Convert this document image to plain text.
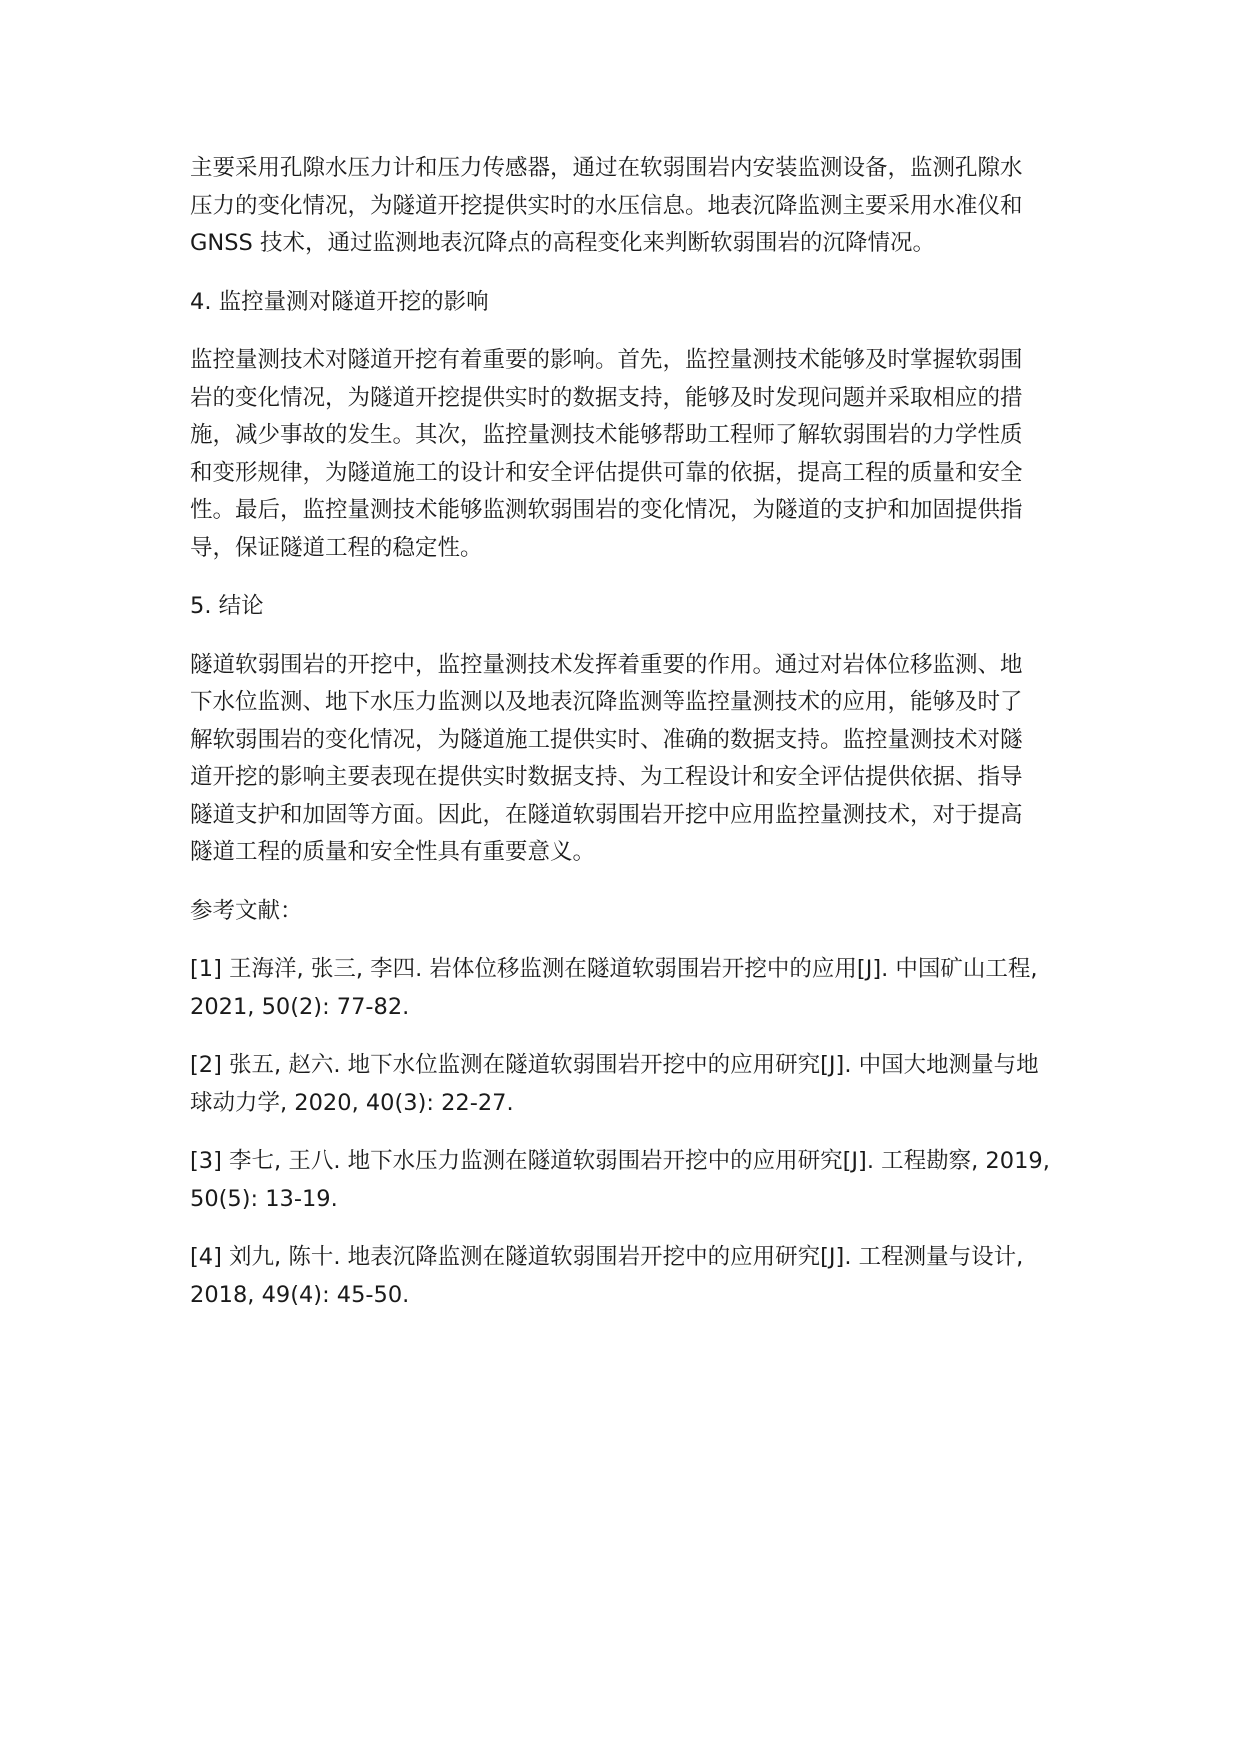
主要采用孔隙水压力计和压力传感器，通过在软弱围岩内安装监测设备，监测孔隙水
压力的变化情况，为隧道开挖提供实时的水压信息。地表沉降监测主要采用水准仪和
GNSS 技术，通过监测地表沉降点的高程变化来判断软弱围岩的沉降情况。
4. 监控量测对隧道开挖的影响
监控量测技术对隧道开挖有着重要的影响。首先，监控量测技术能够及时掌握软弱围
岩的变化情况，为隧道开挖提供实时的数据支持，能够及时发现问题并采取相应的措
施，减少事故的发生。其次，监控量测技术能够帮助工程师了解软弱围岩的力学性质
和变形规律，为隧道施工的设计和安全评估提供可靠的依据，提高工程的质量和安全
性。最后，监控量测技术能够监测软弱围岩的变化情况，为隧道的支护和加固提供指
导，保证隧道工程的稳定性。
5. 结论
隧道软弱围岩的开挖中，监控量测技术发挥着重要的作用。通过对岩体位移监测、地
下水位监测、地下水压力监测以及地表沉降监测等监控量测技术的应用，能够及时了
解软弱围岩的变化情况，为隧道施工提供实时、准确的数据支持。监控量测技术对隧
道开挖的影响主要表现在提供实时数据支持、为工程设计和安全评估提供依据、指导
隧道支护和加固等方面。因此，在隧道软弱围岩开挖中应用监控量测技术，对于提高
隧道工程的质量和安全性具有重要意义。
参考文献：
[1] 王海洋, 张三, 李四. 岩体位移监测在隧道软弱围岩开挖中的应用[J]. 中国矿山工程,
2021, 50(2): 77-82.
[2] 张五, 赵六. 地下水位监测在隧道软弱围岩开挖中的应用研究[J]. 中国大地测量与地
球动力学, 2020, 40(3): 22-27.
[3] 李七, 王八. 地下水压力监测在隧道软弱围岩开挖中的应用研究[J]. 工程勘察, 2019,
50(5): 13-19.
[4] 刘九, 陈十. 地表沉降监测在隧道软弱围岩开挖中的应用研究[J]. 工程测量与设计,
2018, 49(4): 45-50.
